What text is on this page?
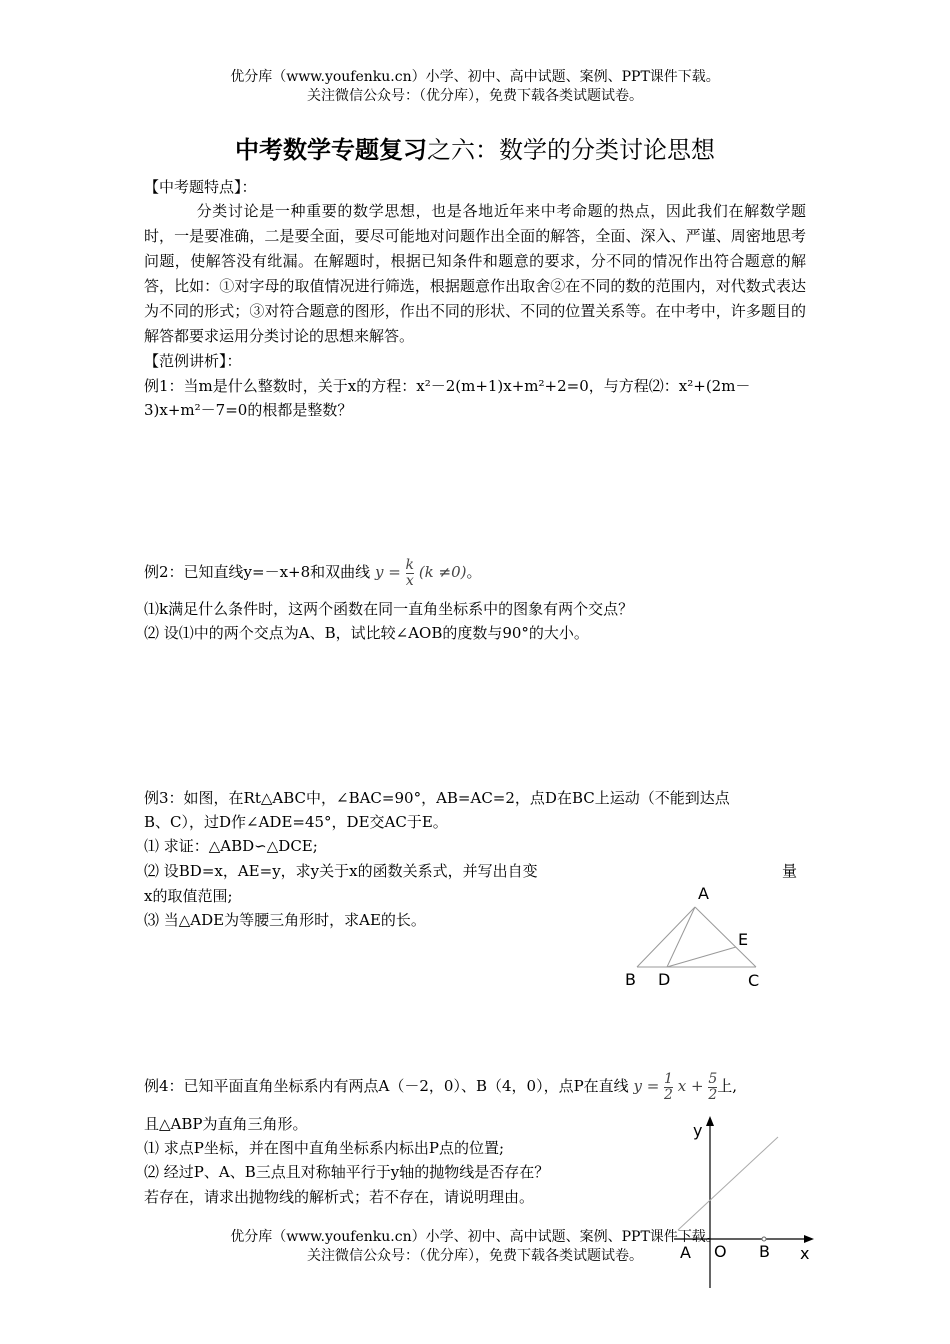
优分库（www.youfenku.cn）小学、初中、高中试题、案例、PPT课件下载。
关注微信公众号：（优分库），免费下载各类试题试卷。
中考数学专题复习之六：数学的分类讨论思想
【中考题特点】：
分类讨论是一种重要的数学思想，也是各地近年来中考命题的热点，因此我们在解数学题时，一是要准确，二是要全面，要尽可能地对问题作出全面的解答，全面、深入、严谨、周密地思考问题，使解答没有纰漏。在解题时，根据已知条件和题意的要求，分不同的情况作出符合题意的解答，比如：①对字母的取值情况进行筛选，根据题意作出取舍②在不同的数的范围内，对代数式表达为不同的形式；③对符合题意的图形，作出不同的形状、不同的位置关系等。在中考中，许多题目的解答都要求运用分类讨论的思想来解答。
【范例讲析】：
例1：当m是什么整数时，关于x的方程：x²－2(m+1)x+m²+2=0，与方程⑵：x²+(2m－
3)x+m²－7=0的根都是整数？
例2：已知直线y=－x+8和双曲线 $y = \frac{k}{x} (k \ne 0)$。
⑴k满足什么条件时，这两个函数在同一直角坐标系中的图象有两个交点？
⑵ 设⑴中的两个交点为A、B，试比较∠AOB的度数与90°的大小。
例3：如图，在Rt△ABC中，∠BAC=90°，AB=AC=2，点D在BC上运动（不能到达点
B、C），过D作∠ADE=45°，DE交AC于E。
⑴ 求证：△ABD∽△DCE;
⑵ 设BD=x，AE=y，求y关于x的函数关系式，并写出自变	量
x的取值范围;
⑶ 当△ADE为等腰三角形时，求AE的长。
A
E
B D	C
例4：已知平面直角坐标系内有两点A（－2，0）、B（4，0），点P在直线 $y = \frac{1}{2}$ $x + \frac{5}{2}$ 上,
且△ABP为直角三角形。
⑴ 求点P坐标，并在图中直角坐标系内标出P点的位置;
⑵ 经过P、A、B三点且对称轴平行于y轴的抛物线是否存在？
若存在，请求出抛物线的解析式；若不存在，请说明理由。
y
x
A O B
优分库（www.youfenku.cn）小学、初中、高中试题、案例、PPT课件下载。
关注微信公众号：（优分库），免费下载各类试题试卷。
